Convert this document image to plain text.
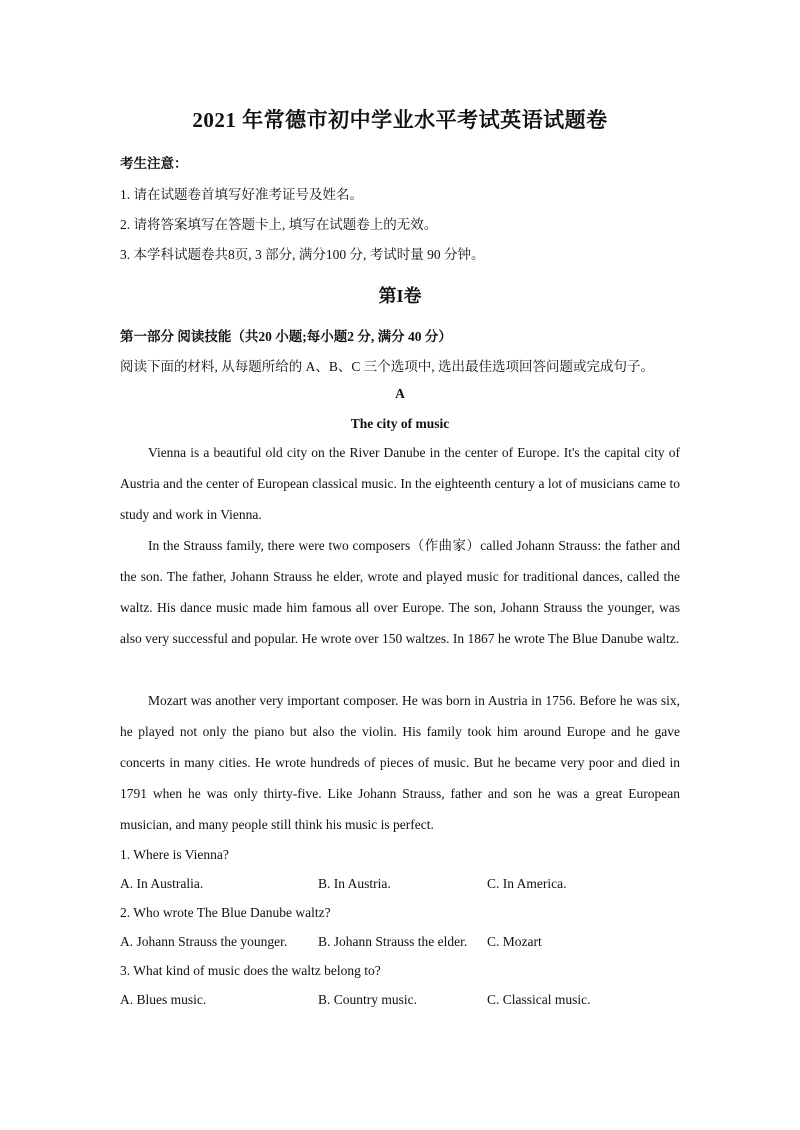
2021 年常德市初中学业水平考试英语试题卷
考生注意：
1. 请在试题卷首填写好准考证号及姓名。
2. 请将答案填写在答题卡上, 填写在试题卷上的无效。
3. 本学科试题卷共8页, 3 部分, 满分100 分, 考试时量 90 分钟。
第I卷
第一部分 阅读技能（共20 小题;每小题2 分, 满分 40 分）
阅读下面的材料, 从每题所给的 A、B、C 三个选项中, 选出最佳选项回答问题或完成句子。
A
The city of music

Vienna is a beautiful old city on the River Danube in the center of Europe. It's the capital city of Austria and the center of European classical music. In the eighteenth century a lot of musicians came to study and work in Vienna.

In the Strauss family, there were two composers（作曲家）called Johann Strauss: the father and the son. The father, Johann Strauss he elder, wrote and played music for traditional dances, called the waltz. His dance music made him famous all over Europe. The son, Johann Strauss the younger, was also very successful and popular. He wrote over 150 waltzes. In 1867 he wrote The Blue Danube waltz.

Mozart was another very important composer. He was born in Austria in 1756. Before he was six, he played not only the piano but also the violin. His family took him around Europe and he gave concerts in many cities. He wrote hundreds of pieces of music. But he became very poor and died in 1791 when he was only thirty-five. Like Johann Strauss, father and son he was a great European musician, and many people still think his music is perfect.

1. Where is Vienna?
A. In Australia.	B. In Austria.	C. In America.
2. Who wrote The Blue Danube waltz?
A. Johann Strauss the younger. B. Johann Strauss the elder. C. Mozart
3. What kind of music does the waltz belong to?
A. Blues music.	B. Country music.	C. Classical music.
